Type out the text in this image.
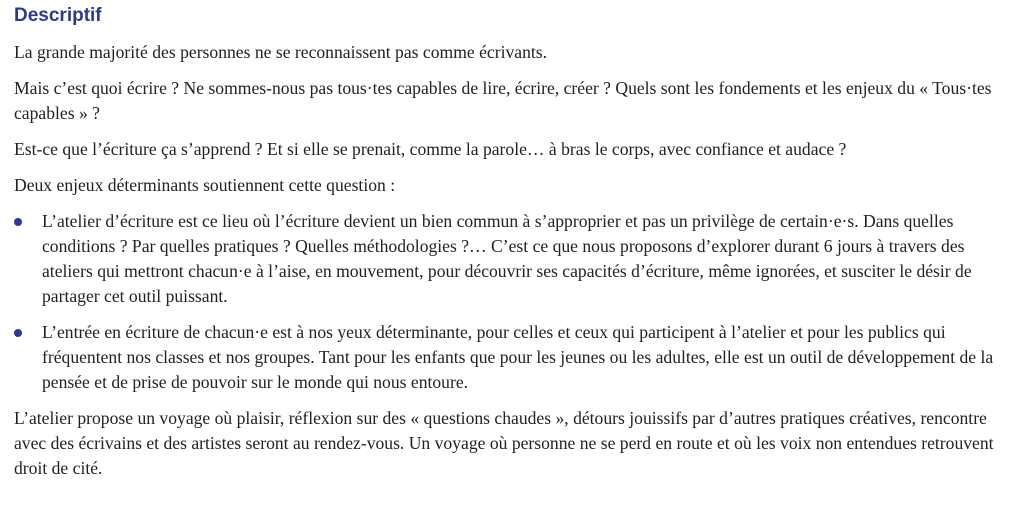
Descriptif

La grande majorité des personnes ne se reconnaissent pas comme écrivants.

Mais c’est quoi écrire ? Ne sommes-nous pas tous·tes capables de lire, écrire, créer ? Quels sont les fondements et les enjeux du « Tous·tes capables » ?

Est-ce que l’écriture ça s’apprend ? Et si elle se prenait, comme la parole… à bras le corps, avec confiance et audace ?

Deux enjeux déterminants soutiennent cette question :

L’atelier d’écriture est ce lieu où l’écriture devient un bien commun à s’approprier et pas un privilège de certain·e·s. Dans quelles conditions ? Par quelles pratiques ? Quelles méthodologies ?… C’est ce que nous proposons d’explorer durant 6 jours à travers des ateliers qui mettront chacun·e à l’aise, en mouvement, pour découvrir ses capacités d’écriture, même ignorées, et susciter le désir de partager cet outil puissant.
L’entrée en écriture de chacun·e est à nos yeux déterminante, pour celles et ceux qui participent à l’atelier et pour les publics qui fréquentent nos classes et nos groupes. Tant pour les enfants que pour les jeunes ou les adultes, elle est un outil de développement de la pensée et de prise de pouvoir sur le monde qui nous entoure.

L’atelier propose un voyage où plaisir, réflexion sur des « questions chaudes », détours jouissifs par d’autres pratiques créatives, rencontre avec des écrivains et des artistes seront au rendez-vous. Un voyage où personne ne se perd en route et où les voix non entendues retrouvent droit de cité.
